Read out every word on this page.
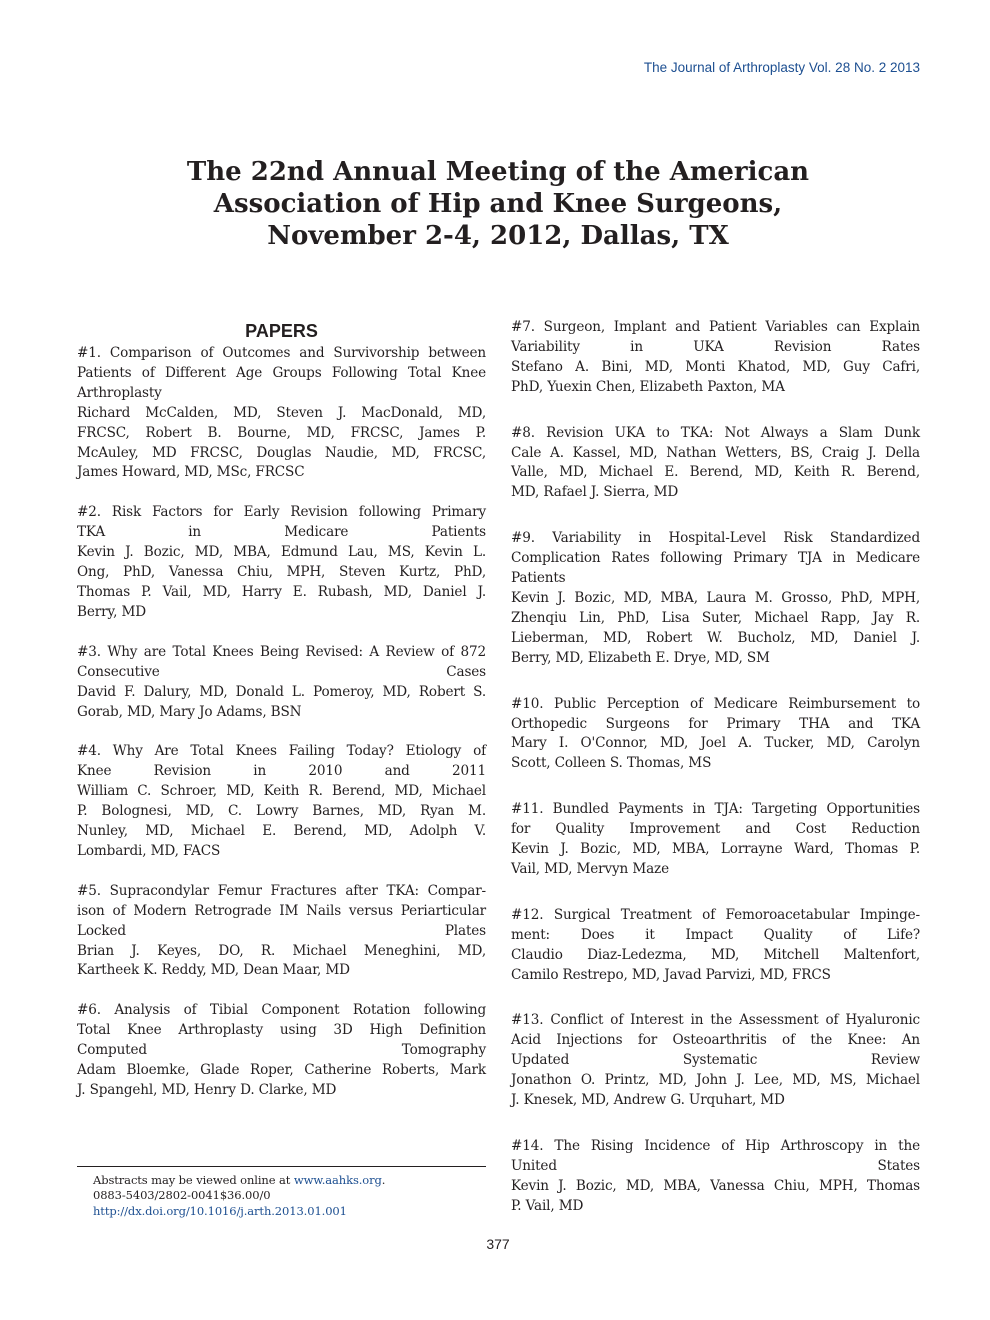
The Journal of Arthroplasty Vol. 28 No. 2 2013
The 22nd Annual Meeting of the American
Association of Hip and Knee Surgeons,
November 2-4, 2012, Dallas, TX
PAPERS
#1. Comparison of Outcomes and Survivorship between
Patients of Different Age Groups Following Total Knee
Arthroplasty
Richard McCalden, MD, Steven J. MacDonald, MD,
FRCSC, Robert B. Bourne, MD, FRCSC, James P.
McAuley, MD FRCSC, Douglas Naudie, MD, FRCSC,
James Howard, MD, MSc, FRCSC
#2. Risk Factors for Early Revision following Primary
TKA in Medicare Patients
Kevin J. Bozic, MD, MBA, Edmund Lau, MS, Kevin L.
Ong, PhD, Vanessa Chiu, MPH, Steven Kurtz, PhD,
Thomas P. Vail, MD, Harry E. Rubash, MD, Daniel J.
Berry, MD
#3. Why are Total Knees Being Revised: A Review of 872
Consecutive Cases
David F. Dalury, MD, Donald L. Pomeroy, MD, Robert S.
Gorab, MD, Mary Jo Adams, BSN
#4. Why Are Total Knees Failing Today? Etiology of
Knee Revision in 2010 and 2011
William C. Schroer, MD, Keith R. Berend, MD, Michael
P. Bolognesi, MD, C. Lowry Barnes, MD, Ryan M.
Nunley, MD, Michael E. Berend, MD, Adolph V.
Lombardi, MD, FACS
#5. Supracondylar Femur Fractures after TKA: Compar-
ison of Modern Retrograde IM Nails versus Periarticular
Locked Plates
Brian J. Keyes, DO, R. Michael Meneghini, MD,
Kartheek K. Reddy, MD, Dean Maar, MD
#6. Analysis of Tibial Component Rotation following
Total Knee Arthroplasty using 3D High Definition
Computed Tomography
Adam Bloemke, Glade Roper, Catherine Roberts, Mark
J. Spangehl, MD, Henry D. Clarke, MD
#7. Surgeon, Implant and Patient Variables can Explain
Variability in UKA Revision Rates
Stefano A. Bini, MD, Monti Khatod, MD, Guy Cafri,
PhD, Yuexin Chen, Elizabeth Paxton, MA
#8. Revision UKA to TKA: Not Always a Slam Dunk
Cale A. Kassel, MD, Nathan Wetters, BS, Craig J. Della
Valle, MD, Michael E. Berend, MD, Keith R. Berend,
MD, Rafael J. Sierra, MD
#9. Variability in Hospital-Level Risk Standardized
Complication Rates following Primary TJA in Medicare
Patients
Kevin J. Bozic, MD, MBA, Laura M. Grosso, PhD, MPH,
Zhenqiu Lin, PhD, Lisa Suter, Michael Rapp, Jay R.
Lieberman, MD, Robert W. Bucholz, MD, Daniel J.
Berry, MD, Elizabeth E. Drye, MD, SM
#10. Public Perception of Medicare Reimbursement to
Orthopedic Surgeons for Primary THA and TKA
Mary I. O'Connor, MD, Joel A. Tucker, MD, Carolyn
Scott, Colleen S. Thomas, MS
#11. Bundled Payments in TJA: Targeting Opportunities
for Quality Improvement and Cost Reduction
Kevin J. Bozic, MD, MBA, Lorrayne Ward, Thomas P.
Vail, MD, Mervyn Maze
#12. Surgical Treatment of Femoroacetabular Impinge-
ment: Does it Impact Quality of Life?
Claudio Diaz-Ledezma, MD, Mitchell Maltenfort,
Camilo Restrepo, MD, Javad Parvizi, MD, FRCS
#13. Conflict of Interest in the Assessment of Hyaluronic
Acid Injections for Osteoarthritis of the Knee: An
Updated Systematic Review
Jonathon O. Printz, MD, John J. Lee, MD, MS, Michael
J. Knesek, MD, Andrew G. Urquhart, MD
#14. The Rising Incidence of Hip Arthroscopy in the
United States
Kevin J. Bozic, MD, MBA, Vanessa Chiu, MPH, Thomas
P. Vail, MD
Abstracts may be viewed online at www.aahks.org.
0883-5403/2802-0041$36.00/0
http://dx.doi.org/10.1016/j.arth.2013.01.001
377
